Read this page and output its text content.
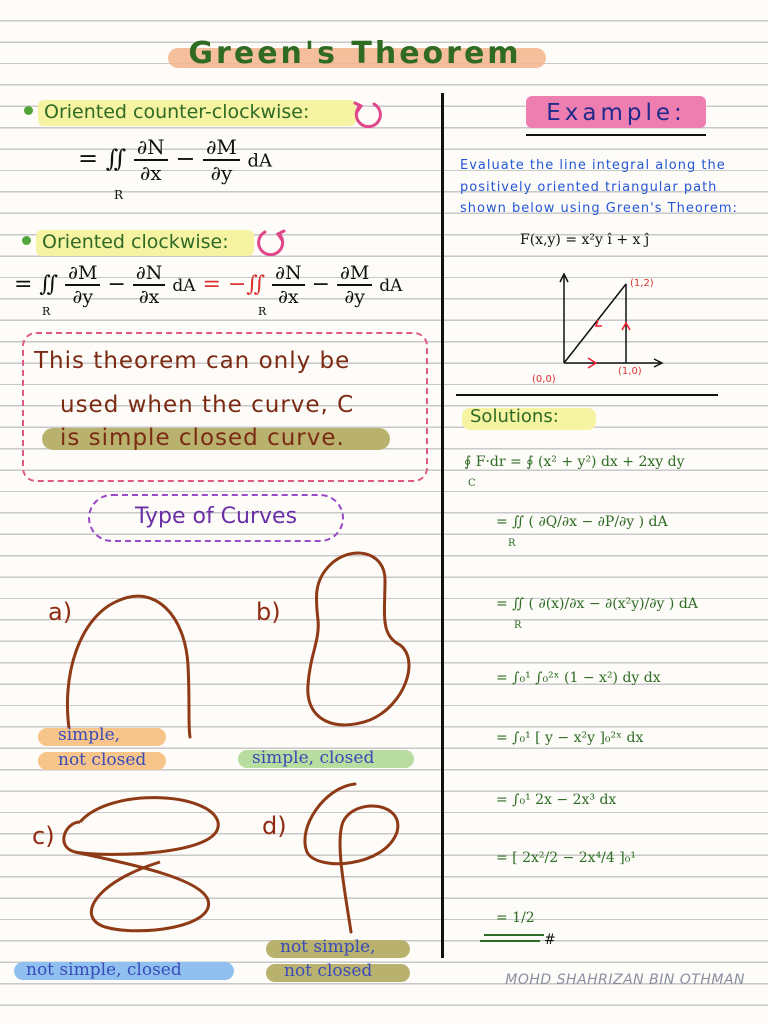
Green's Theorem
Oriented counter-clockwise:
= ∬ $\frac{\partial N}{\partial x} - \frac{\partial M}{\partial y}$ dA
R
Oriented clockwise:
= ∬ $\frac{\partial M}{\partial y} - \frac{\partial N}{\partial x}$ dA = −∬ $\frac{\partial N}{\partial x} - \frac{\partial M}{\partial y}$ dA
R	R
This theorem can only be
used when the curve, C
is simple closed curve.
Type of Curves
a)
simple,
not closed
b)
simple, closed
c)
not simple, closed
d)
not simple,
not closed
Example:
Evaluate the line integral along the
positively oriented triangular path
shown below using Green's Theorem:
F(x,y) = x²y î + x ĵ
(1,2)
(0,0)
(1,0)
Solutions:
∮ F·dr = ∮ (x² + y²) dx + 2xy dy
C
= ∬ ( ∂Q/∂x − ∂P/∂y ) dA
R
= ∬ ( ∂(x)/∂x − ∂(x²y)/∂y ) dA
R
= ∫₀¹ ∫₀²ˣ (1 − x²) dy dx
= ∫₀¹ [ y − x²y ]₀²ˣ dx
= ∫₀¹ 2x − 2x³ dx
= [ 2x²/2 − 2x⁴/4 ]₀¹
= 1/2
#
MOHD SHAHRIZAN BIN OTHMAN
